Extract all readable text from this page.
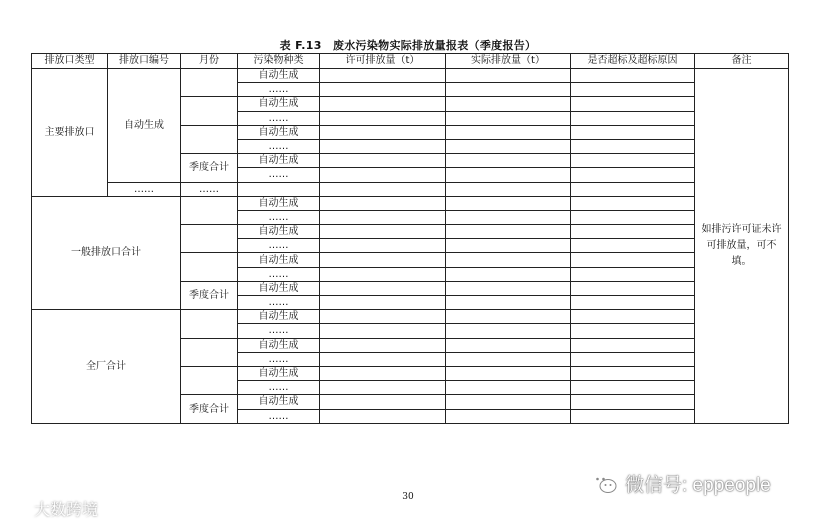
表 F.13　废水污染物实际排放量报表（季度报告）
排放口类型	排放口编号	月份	污染物种类	许可排放量（t）	实际排放量（t）	是否超标及超标原因	备注
主要排放口	自动生成		自动生成				如排污许可证未许可排放量，可不填。
			……				
			自动生成				
			……				
			自动生成				
			……				
		季度合计	自动生成				
			……				
	……	……					
一般排放口合计			自动生成				
			……				
			自动生成				
			……				
			自动生成				
			……				
		季度合计	自动生成				
			……				
全厂合计			自动生成				
			……				
			自动生成				
			……				
			自动生成				
			……				
		季度合计	自动生成				
			……				
30
微信号: eppeople
大数跨境
